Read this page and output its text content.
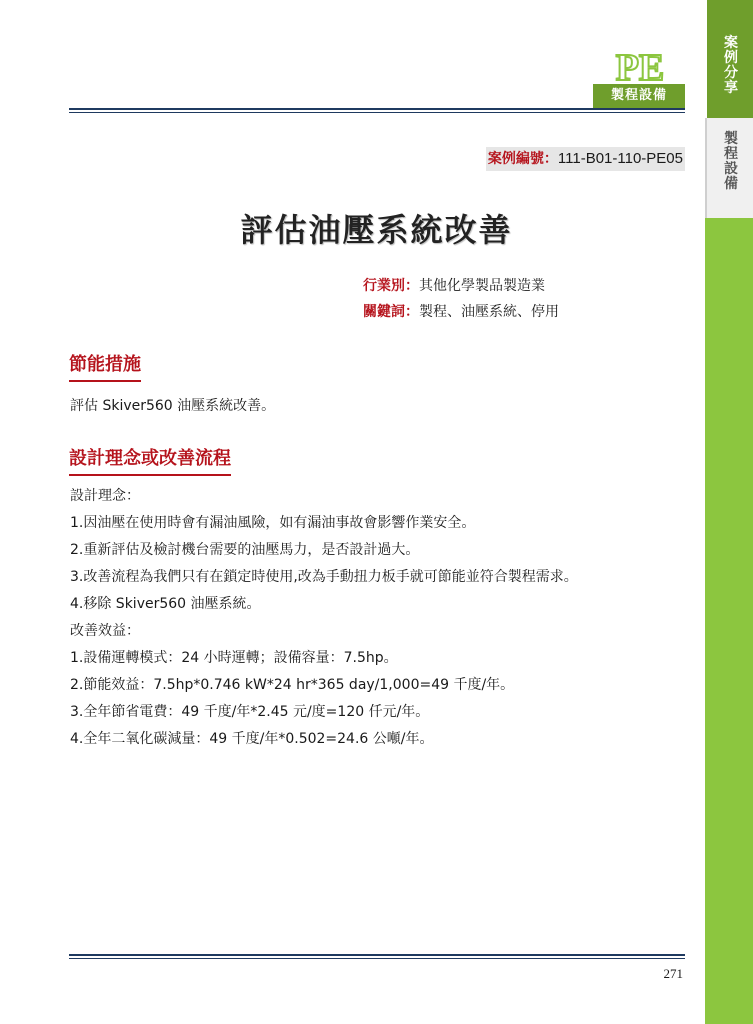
案
例
分
享
製
程
設
備
PE
製程設備
案例編號：111-B01-110-PE05
評估油壓系統改善
行業別：其他化學製品製造業
關鍵詞：製程、油壓系統、停用
節能措施
評估 Skiver560 油壓系統改善。
設計理念或改善流程
設計理念：
1.因油壓在使用時會有漏油風險，如有漏油事故會影響作業安全。
2.重新評估及檢討機台需要的油壓馬力，是否設計過大。
3.改善流程為我們只有在鎖定時使用,改為手動扭力板手就可節能並符合製程需求。
4.移除 Skiver560 油壓系統。
改善效益：
1.設備運轉模式：24 小時運轉；設備容量：7.5hp。
2.節能效益：7.5hp*0.746 kW*24 hr*365 day/1,000=49 千度/年。
3.全年節省電費：49 千度/年*2.45 元/度=120 仟元/年。
4.全年二氧化碳減量：49 千度/年*0.502=24.6 公噸/年。
271
